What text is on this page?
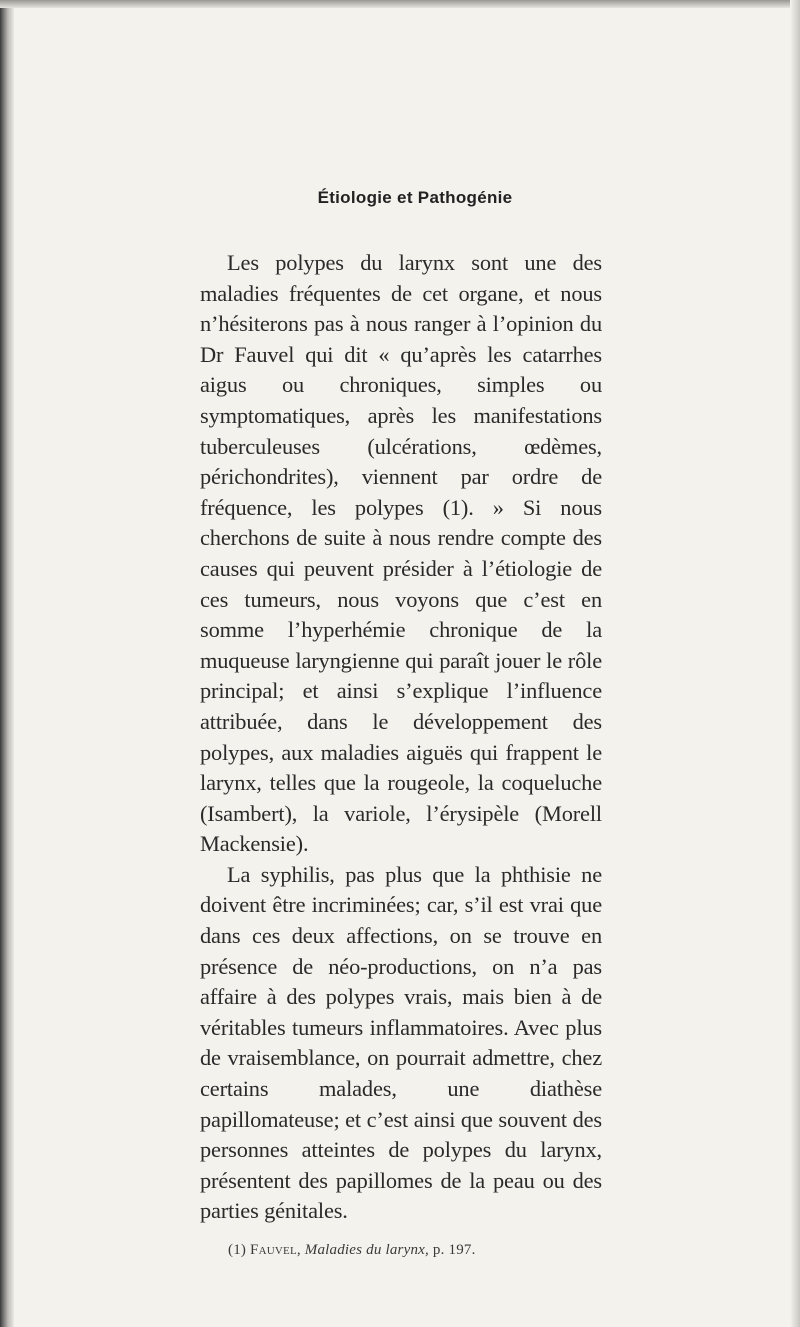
Étiologie et Pathogénie

Les polypes du larynx sont une des maladies fréquentes de cet organe, et nous n’hésiterons pas à nous ranger à l’opinion du Dr Fauvel qui dit « qu’après les catarrhes aigus ou chroniques, simples ou symptomatiques, après les manifestations tuberculeuses (ulcérations, œdèmes, périchondrites), viennent par ordre de fréquence, les polypes (1). » Si nous cherchons de suite à nous rendre compte des causes qui peuvent présider à l’étiologie de ces tumeurs, nous voyons que c’est en somme l’hyperhémie chronique de la muqueuse laryngienne qui paraît jouer le rôle principal; et ainsi s’explique l’influence attribuée, dans le développement des polypes, aux maladies aiguës qui frappent le larynx, telles que la rougeole, la coqueluche (Isambert), la variole, l’érysipèle (Morell Mackensie).

La syphilis, pas plus que la phthisie ne doivent être incriminées; car, s’il est vrai que dans ces deux affections, on se trouve en présence de néo-productions, on n’a pas affaire à des polypes vrais, mais bien à de véritables tumeurs inflammatoires. Avec plus de vraisemblance, on pourrait admettre, chez certains malades, une diathèse papillomateuse; et c’est ainsi que souvent des personnes atteintes de polypes du larynx, présentent des papillomes de la peau ou des parties génitales.

(1) Fauvel, Maladies du larynx, p. 197.
